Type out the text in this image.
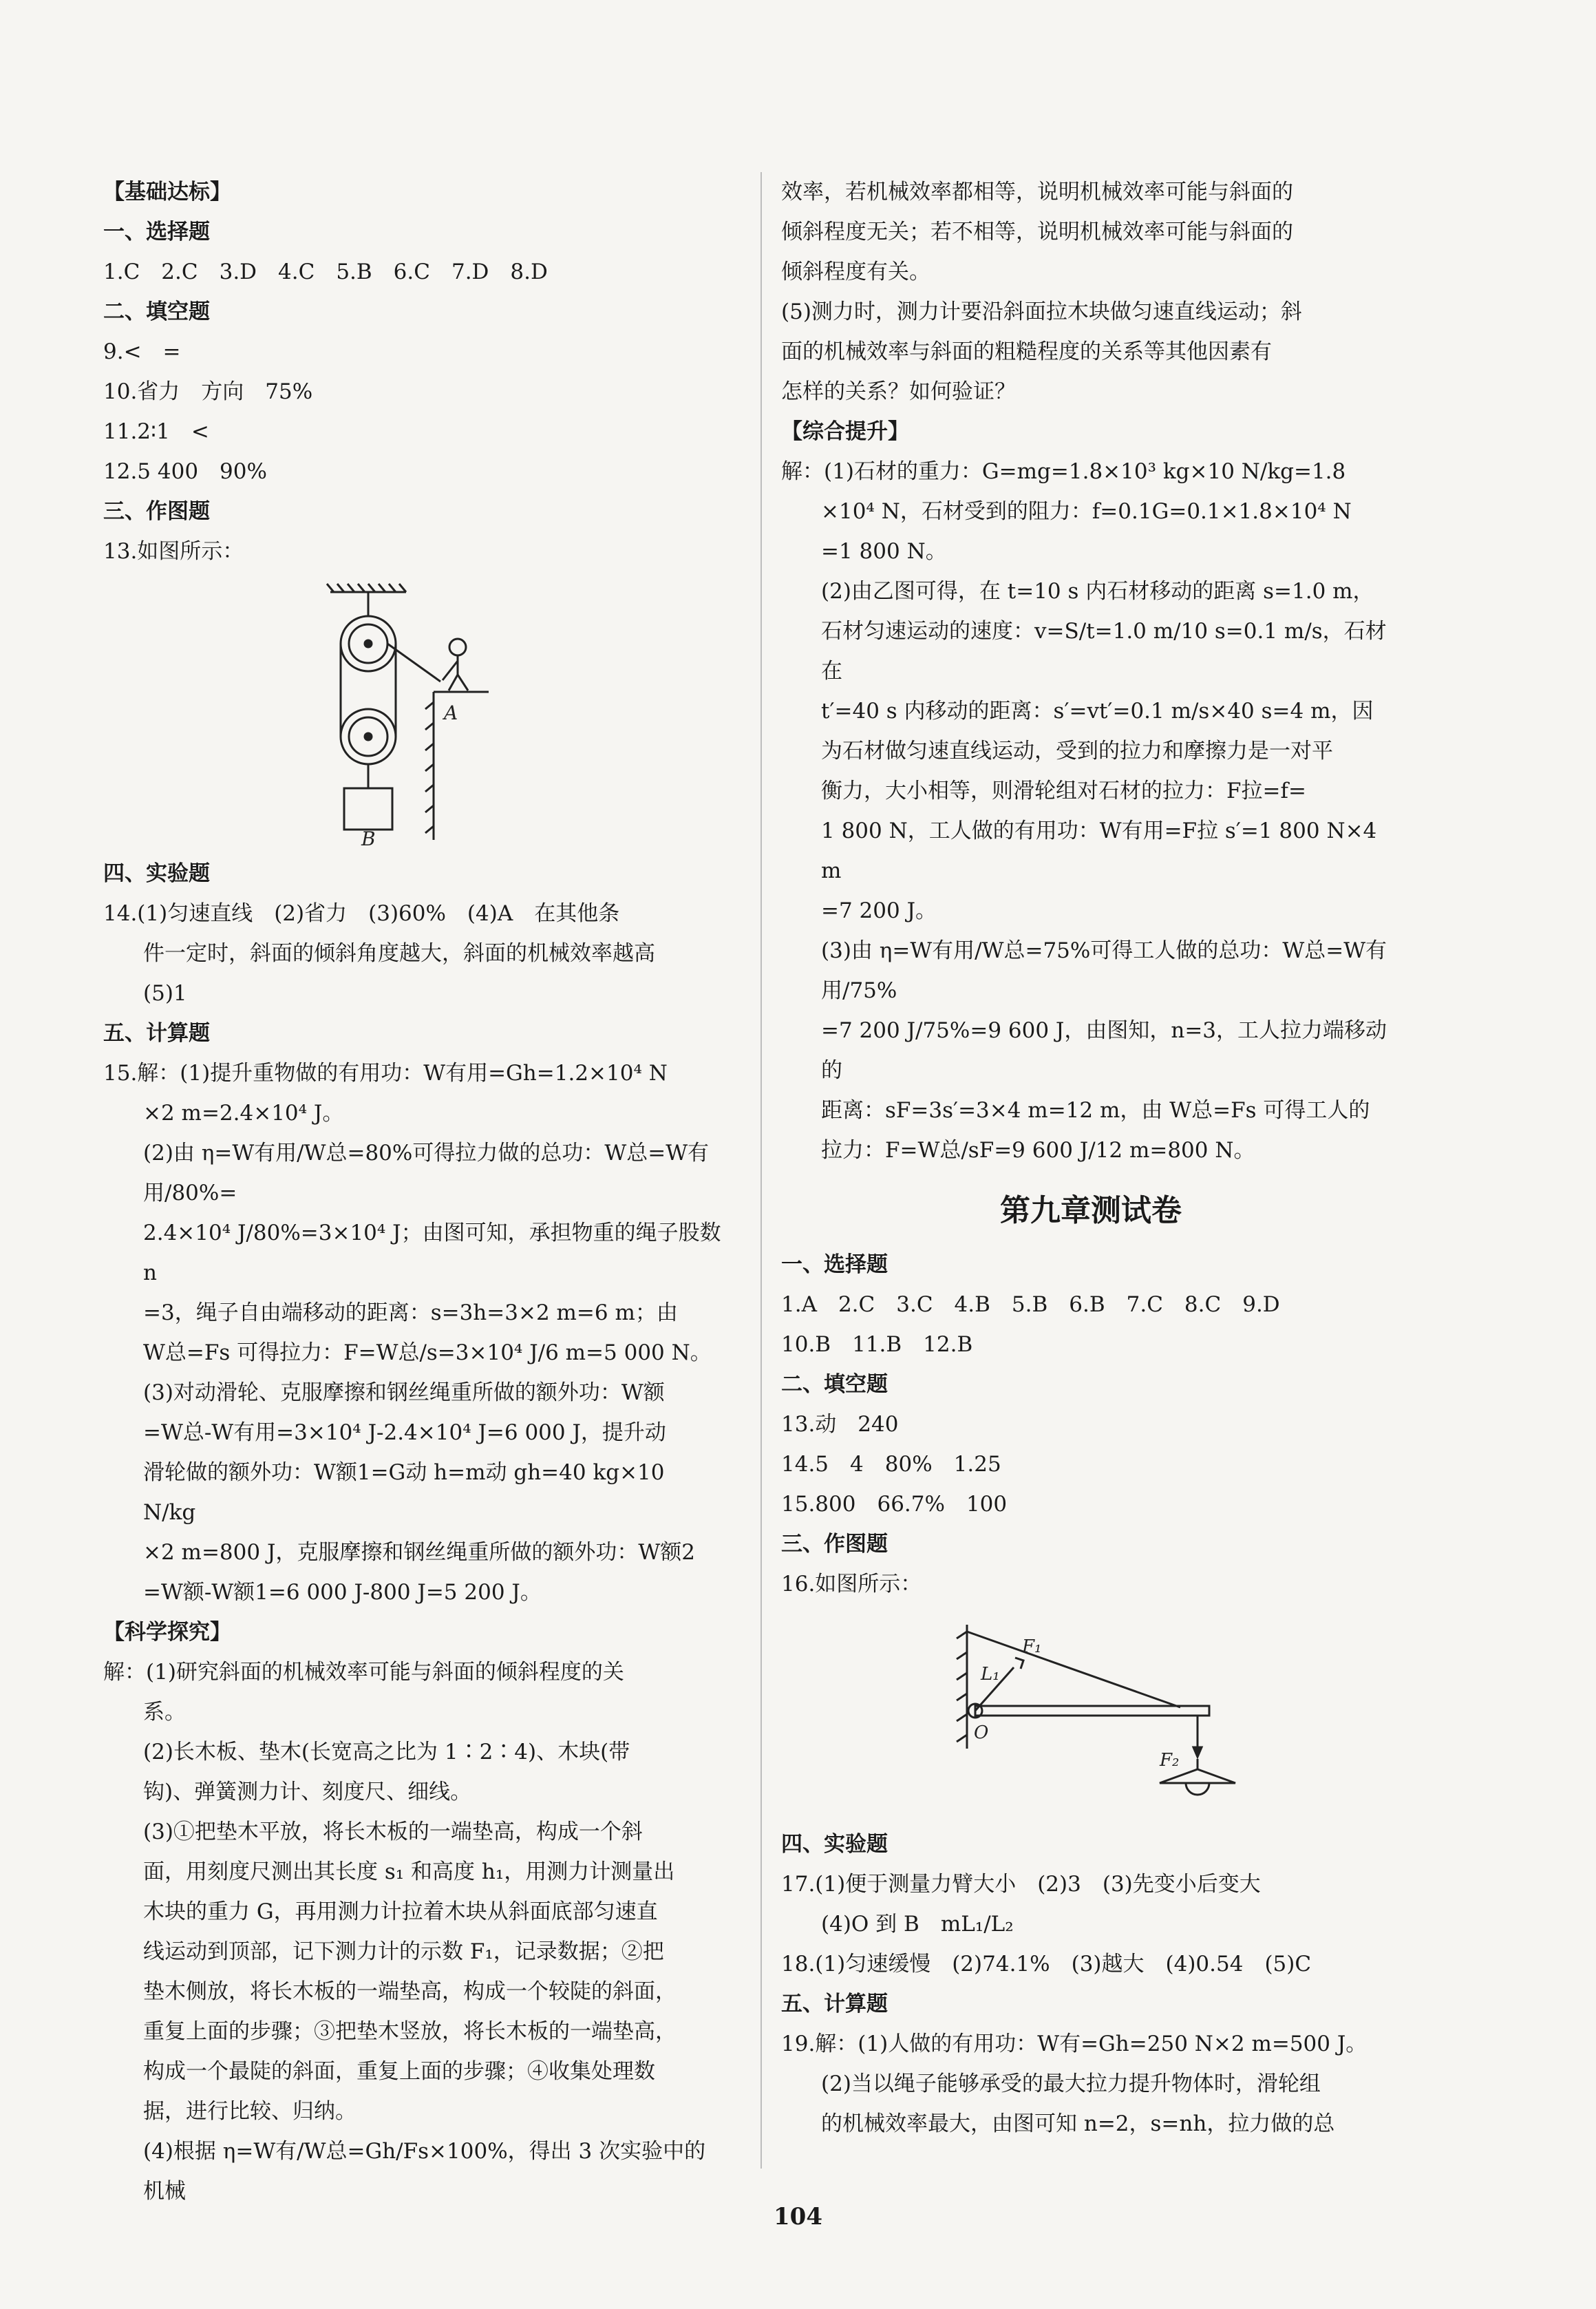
【基础达标】
一、选择题
1.C　2.C　3.D　4.C　5.B　6.C　7.D　8.D
二、填空题
9.<　=
10.省力　方向　75%
11.2∶1　<
12.5 400　90%
三、作图题
13.如图所示：
A
B
四、实验题
14.(1)匀速直线　(2)省力　(3)60%　(4)A　在其他条
件一定时，斜面的倾斜角度越大，斜面的机械效率越高
(5)1
五、计算题
15.解：(1)提升重物做的有用功：W有用=Gh=1.2×10⁴ N
×2 m=2.4×10⁴ J。
(2)由 η=W有用/W总=80%可得拉力做的总功：W总=W有用/80%=
2.4×10⁴ J/80%=3×10⁴ J；由图可知，承担物重的绳子股数 n
=3，绳子自由端移动的距离：s=3h=3×2 m=6 m；由
W总=Fs 可得拉力：F=W总/s=3×10⁴ J/6 m=5 000 N。
(3)对动滑轮、克服摩擦和钢丝绳重所做的额外功：W额
=W总-W有用=3×10⁴ J-2.4×10⁴ J=6 000 J，提升动
滑轮做的额外功：W额1=G动 h=m动 gh=40 kg×10 N/kg
×2 m=800 J，克服摩擦和钢丝绳重所做的额外功：W额2
=W额-W额1=6 000 J-800 J=5 200 J。
【科学探究】
解：(1)研究斜面的机械效率可能与斜面的倾斜程度的关
系。
(2)长木板、垫木(长宽高之比为 1∶2∶4)、木块(带
钩)、弹簧测力计、刻度尺、细线。
(3)①把垫木平放，将长木板的一端垫高，构成一个斜
面，用刻度尺测出其长度 s₁ 和高度 h₁，用测力计测量出
木块的重力 G，再用测力计拉着木块从斜面底部匀速直
线运动到顶部，记下测力计的示数 F₁，记录数据；②把
垫木侧放，将长木板的一端垫高，构成一个较陡的斜面，
重复上面的步骤；③把垫木竖放，将长木板的一端垫高，
构成一个最陡的斜面，重复上面的步骤；④收集处理数
据，进行比较、归纳。
(4)根据 η=W有/W总=Gh/Fs×100%，得出 3 次实验中的机械
效率，若机械效率都相等，说明机械效率可能与斜面的
倾斜程度无关；若不相等，说明机械效率可能与斜面的
倾斜程度有关。
(5)测力时，测力计要沿斜面拉木块做匀速直线运动；斜
面的机械效率与斜面的粗糙程度的关系等其他因素有
怎样的关系？如何验证？
【综合提升】
解：(1)石材的重力：G=mg=1.8×10³ kg×10 N/kg=1.8
×10⁴ N，石材受到的阻力：f=0.1G=0.1×1.8×10⁴ N
=1 800 N。
(2)由乙图可得，在 t=10 s 内石材移动的距离 s=1.0 m，
石材匀速运动的速度：v=S/t=1.0 m/10 s=0.1 m/s，石材在
t′=40 s 内移动的距离：s′=vt′=0.1 m/s×40 s=4 m，因
为石材做匀速直线运动，受到的拉力和摩擦力是一对平
衡力，大小相等，则滑轮组对石材的拉力：F拉=f=
1 800 N，工人做的有用功：W有用=F拉 s′=1 800 N×4 m
=7 200 J。
(3)由 η=W有用/W总=75%可得工人做的总功：W总=W有用/75%
=7 200 J/75%=9 600 J，由图知，n=3，工人拉力端移动的
距离：sF=3s′=3×4 m=12 m，由 W总=Fs 可得工人的
拉力：F=W总/sF=9 600 J/12 m=800 N。
第九章测试卷
一、选择题
1.A　2.C　3.C　4.B　5.B　6.B　7.C　8.C　9.D
10.B　11.B　12.B
二、填空题
13.动　240
14.5　4　80%　1.25
15.800　66.7%　100
三、作图题
16.如图所示：
F₁
L₁
O
F₂
四、实验题
17.(1)便于测量力臂大小　(2)3　(3)先变小后变大
(4)O 到 B　mL₁/L₂
18.(1)匀速缓慢　(2)74.1%　(3)越大　(4)0.54　(5)C
五、计算题
19.解：(1)人做的有用功：W有=Gh=250 N×2 m=500 J。
(2)当以绳子能够承受的最大拉力提升物体时，滑轮组
的机械效率最大，由图可知 n=2，s=nh，拉力做的总
104
